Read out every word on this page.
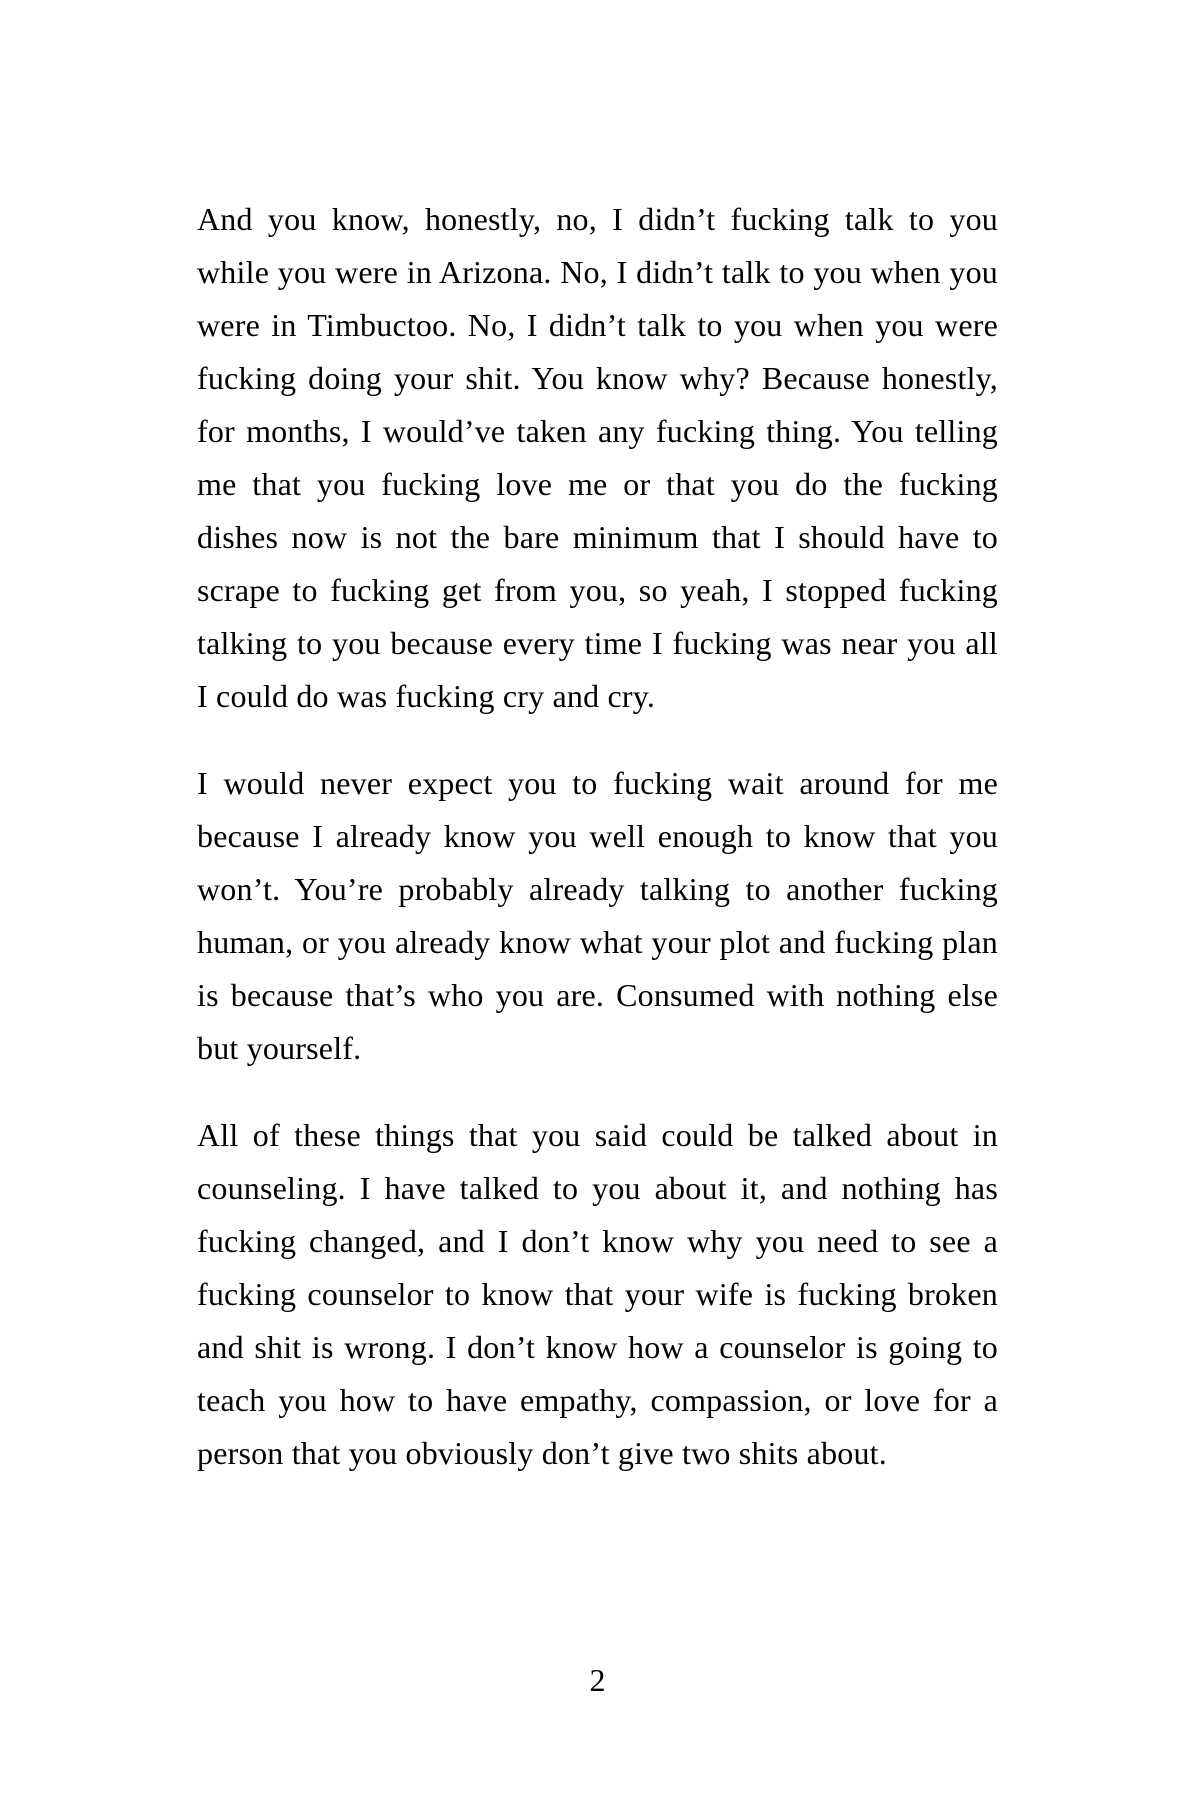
And you know, honestly, no, I didn’t fucking talk to you while you were in Arizona. No, I didn’t talk to you when you were in Timbuctoo. No, I didn’t talk to you when you were fucking doing your shit. You know why? Because honestly, for months, I would’ve taken any fucking thing. You telling me that you fucking love me or that you do the fucking dishes now is not the bare minimum that I should have to scrape to fucking get from you, so yeah, I stopped fucking talking to you because every time I fucking was near you all I could do was fucking cry and cry.

I would never expect you to fucking wait around for me because I already know you well enough to know that you won’t. You’re probably already talking to another fucking human, or you already know what your plot and fucking plan is because that’s who you are. Consumed with nothing else but yourself.

All of these things that you said could be talked about in counseling. I have talked to you about it, and nothing has fucking changed, and I don’t know why you need to see a fucking counselor to know that your wife is fucking broken and shit is wrong. I don’t know how a counselor is going to teach you how to have empathy, compassion, or love for a person that you obviously don’t give two shits about.

2
